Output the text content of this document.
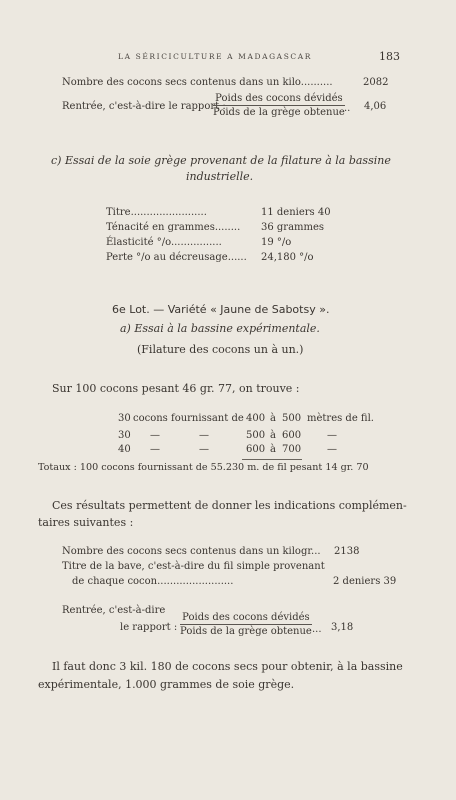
LA SÉRICICULTURE A MADAGASCAR	183
Nombre des cocons secs contenus dans un kilo..........	2082
Rentrée, c'est-à-dire le rapport :
Poids des cocons dévidés
Poids de la grège obtenue .. 4,06
c) Essai de la soie grège provenant de la filature à la bassine
industrielle.
Titre........................	11 deniers 40
Ténacité en grammes........ 36 grammes
Élasticité °/o................	19 °/o
Perte °/o au décreusage...... 24,180 °/o
6e Lot. — Variété « Jaune de Sabotsy ».
a) Essai à la bassine expérimentale.
(Filature des cocons un à un.)
Sur 100 cocons pesant 46 gr. 77, on trouve :
30 cocons fournissant de 400 à 500 mètres de fil.
30 —	—	500 à 600	—
40 —	—	600 à 700	—
Totaux : 100 cocons fournissant de 55.230 m. de fil pesant 14 gr. 70
Ces résultats permettent de donner les indications complémen-
taires suivantes :
Nombre des cocons secs contenus dans un kilogr... 2138
Titre de la bave, c'est-à-dire du fil simple provenant
de chaque cocon........................	2 deniers 39
Rentrée, c'est-à-dire
le rapport :
Poids des cocons dévidés
Poids de la grège obtenue ... 3,18
Il faut donc 3 kil. 180 de cocons secs pour obtenir, à la bassine
expérimentale, 1.000 grammes de soie grège.
